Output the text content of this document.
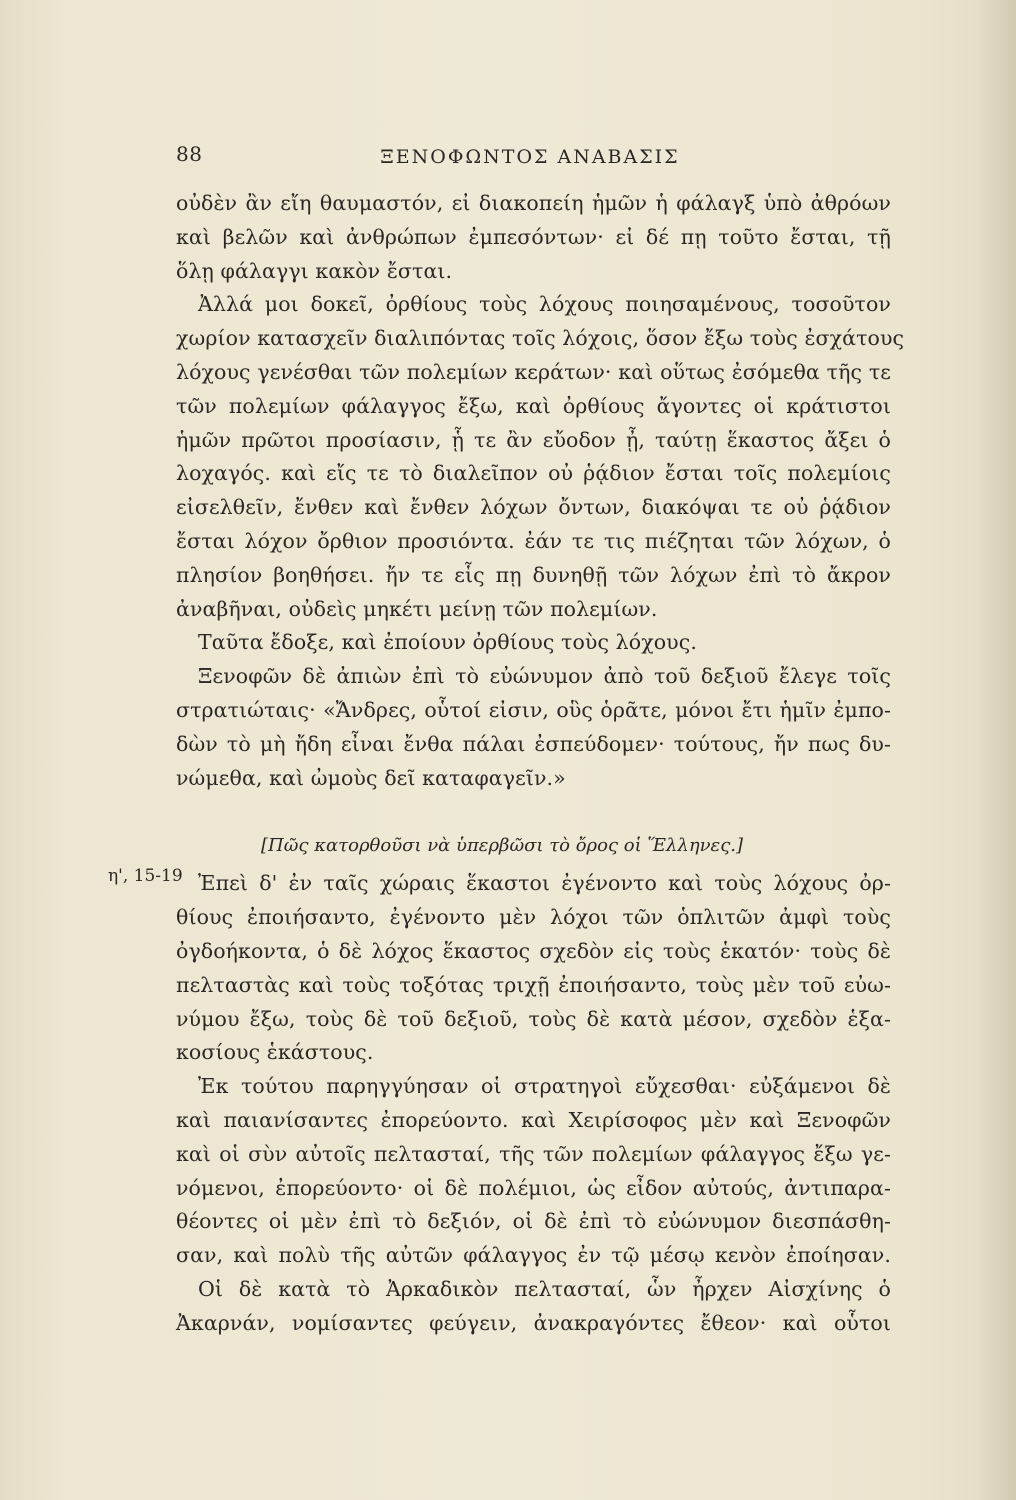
88	ΞΕΝΟΦΩΝΤΟΣ ΑΝΑΒΑΣΙΣ
οὐδὲν ἂν εἴη θαυμαστόν, εἰ διακοπείη ἡμῶν ἡ φάλαγξ ὑπὸ ἀθρόων
καὶ βελῶν καὶ ἀνθρώπων ἐμπεσόντων· εἰ δέ πῃ τοῦτο ἔσται, τῇ
ὅλῃ φάλαγγι κακὸν ἔσται.
Ἀλλά μοι δοκεῖ, ὀρθίους τοὺς λόχους ποιησαμένους, τοσοῦτον
χωρίον κατασχεῖν διαλιπόντας τοῖς λόχοις, ὅσον ἔξω τοὺς ἐσχάτους
λόχους γενέσθαι τῶν πολεμίων κεράτων· καὶ οὕτως ἐσόμεθα τῆς τε
τῶν πολεμίων φάλαγγος ἔξω, καὶ ὀρθίους ἄγοντες οἱ κράτιστοι
ἡμῶν πρῶτοι προσίασιν, ᾗ τε ἂν εὔοδον ᾖ, ταύτῃ ἕκαστος ἄξει ὁ
λοχαγός. καὶ εἴς τε τὸ διαλεῖπον οὐ ῥᾴδιον ἔσται τοῖς πολεμίοις
εἰσελθεῖν, ἔνθεν καὶ ἔνθεν λόχων ὄντων, διακόψαι τε οὐ ῥᾴδιον
ἔσται λόχον ὄρθιον προσιόντα. ἐάν τε τις πιέζηται τῶν λόχων, ὁ
πλησίον βοηθήσει. ἤν τε εἷς πῃ δυνηθῇ τῶν λόχων ἐπὶ τὸ ἄκρον
ἀναβῆναι, οὐδεὶς μηκέτι μείνῃ τῶν πολεμίων.
Ταῦτα ἔδοξε, καὶ ἐποίουν ὀρθίους τοὺς λόχους.
Ξενοφῶν δὲ ἀπιὼν ἐπὶ τὸ εὐώνυμον ἀπὸ τοῦ δεξιοῦ ἔλεγε τοῖς
στρατιώταις· «Ἄνδρες, οὗτοί εἰσιν, οὓς ὁρᾶτε, μόνοι ἔτι ἡμῖν ἐμπο-
δὼν τὸ μὴ ἤδη εἶναι ἔνθα πάλαι ἐσπεύδομεν· τούτους, ἤν πως δυ-
νώμεθα, καὶ ὠμοὺς δεῖ καταφαγεῖν.»
[Πῶς κατορθοῦσι νὰ ὑπερβῶσι τὸ ὄρος οἱ Ἕλληνες.]
Ἐπεὶ δ' ἐν ταῖς χώραις ἕκαστοι ἐγένοντο καὶ τοὺς λόχους ὀρ-
θίους ἐποιήσαντο, ἐγένοντο μὲν λόχοι τῶν ὁπλιτῶν ἀμφὶ τοὺς
ὀγδοήκοντα, ὁ δὲ λόχος ἕκαστος σχεδὸν εἰς τοὺς ἑκατόν· τοὺς δὲ
πελταστὰς καὶ τοὺς τοξότας τριχῇ ἐποιήσαντο, τοὺς μὲν τοῦ εὐω-
νύμου ἔξω, τοὺς δὲ τοῦ δεξιοῦ, τοὺς δὲ κατὰ μέσον, σχεδὸν ἑξα-
κοσίους ἑκάστους.
Ἐκ τούτου παρηγγύησαν οἱ στρατηγοὶ εὔχεσθαι· εὐξάμενοι δὲ
καὶ παιανίσαντες ἐπορεύοντο. καὶ Χειρίσοφος μὲν καὶ Ξενοφῶν
καὶ οἱ σὺν αὐτοῖς πελτασταί, τῆς τῶν πολεμίων φάλαγγος ἔξω γε-
νόμενοι, ἐπορεύοντο· οἱ δὲ πολέμιοι, ὡς εἶδον αὐτούς, ἀντιπαρα-
θέοντες οἱ μὲν ἐπὶ τὸ δεξιόν, οἱ δὲ ἐπὶ τὸ εὐώνυμον διεσπάσθη-
σαν, καὶ πολὺ τῆς αὐτῶν φάλαγγος ἐν τῷ μέσῳ κενὸν ἐποίησαν.
Οἱ δὲ κατὰ τὸ Ἀρκαδικὸν πελτασταί, ὧν ἦρχεν Αἰσχίνης ὁ
Ἀκαρνάν, νομίσαντες φεύγειν, ἀνακραγόντες ἔθεον· καὶ οὗτοι
η', 15-19
